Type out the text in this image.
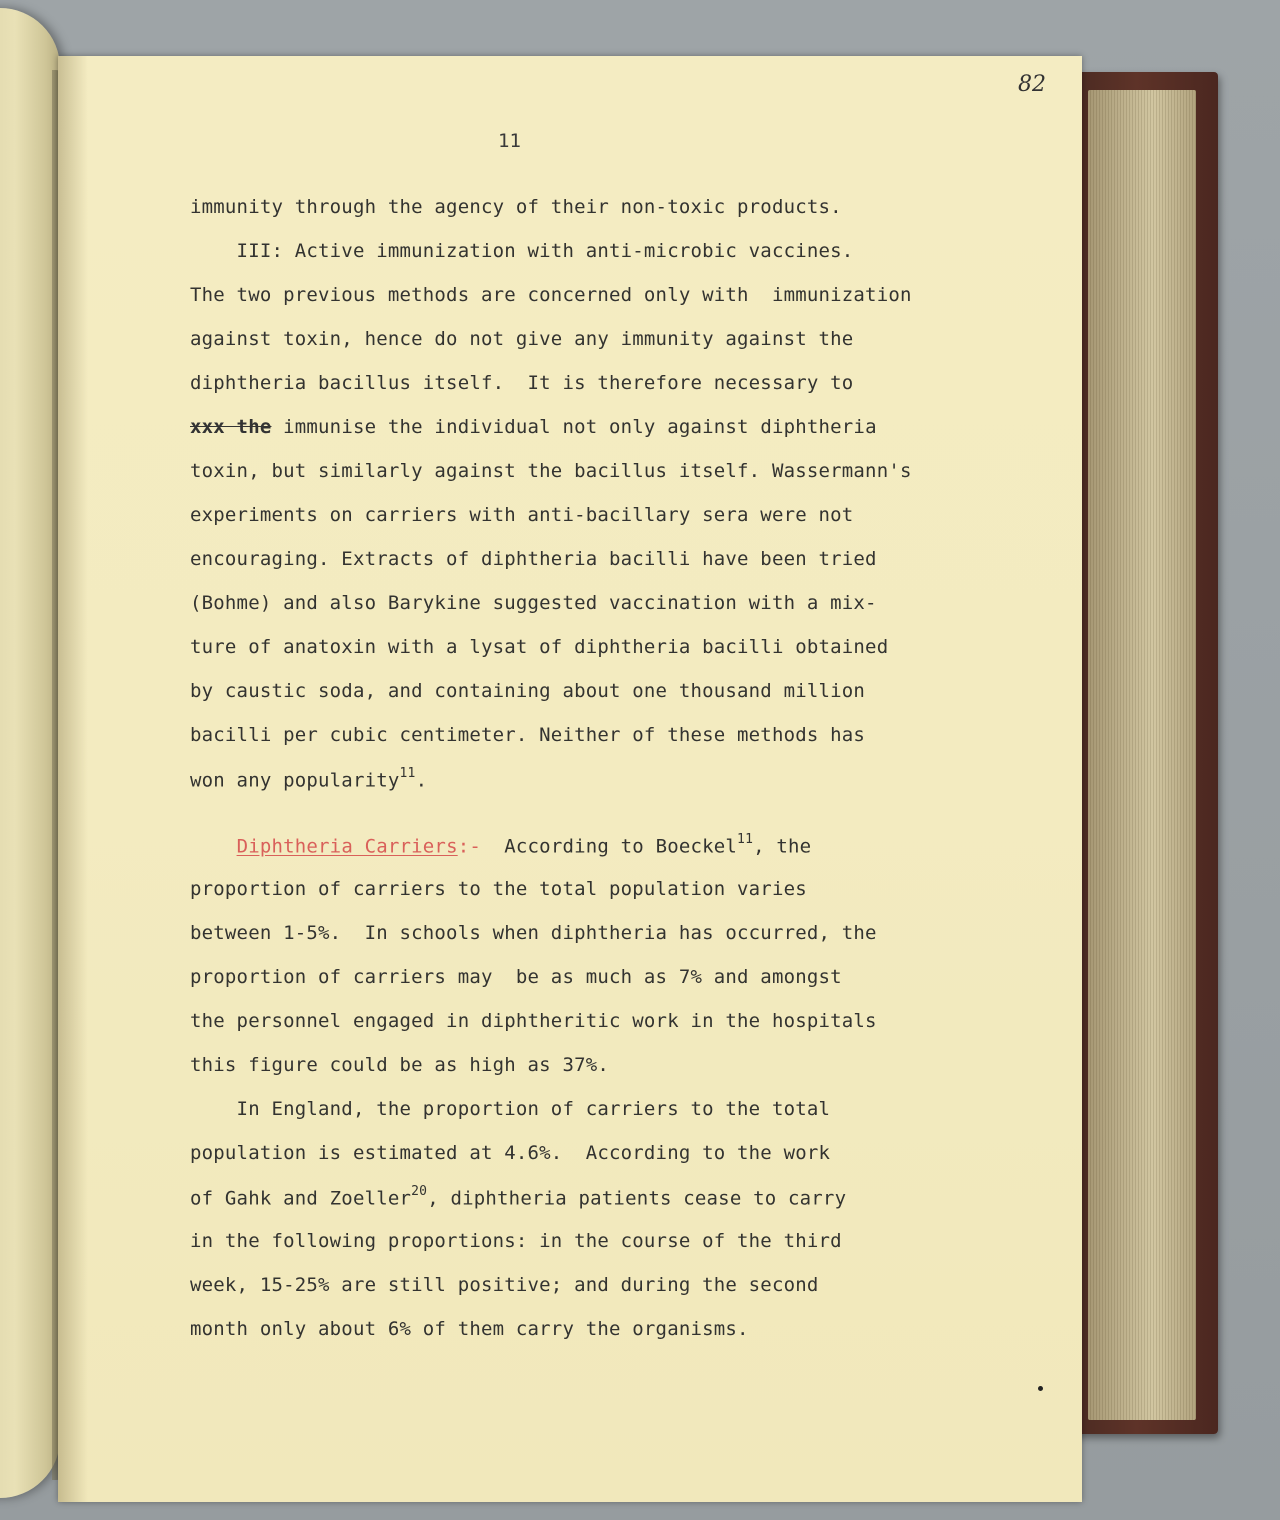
82
11
immunity through the agency of their non-toxic products.
III: Active immunization with anti-microbic vaccines.
The two previous methods are concerned only with  immunization
against toxin, hence do not give any immunity against the
diphtheria bacillus itself.  It is therefore necessary to
xxx the immunise the individual not only against diphtheria
toxin, but similarly against the bacillus itself. Wassermann's
experiments on carriers with anti-bacillary sera were not
encouraging. Extracts of diphtheria bacilli have been tried
(Bohme) and also Barykine suggested vaccination with a mix-
ture of anatoxin with a lysat of diphtheria bacilli obtained
by caustic soda, and containing about one thousand million
bacilli per cubic centimeter. Neither of these methods has
won any popularity$^{11}$.
Diphtheria Carriers:-  According to Boeckel$^{11}$, the
proportion of carriers to the total population varies
between 1-5%.  In schools when diphtheria has occurred, the
proportion of carriers may  be as much as 7% and amongst
the personnel engaged in diphtheritic work in the hospitals
this figure could be as high as 37%.
In England, the proportion of carriers to the total
population is estimated at 4.6%.  According to the work
of Gahk and Zoeller$^{20}$, diphtheria patients cease to carry
in the following proportions: in the course of the third
week, 15-25% are still positive; and during the second
month only about 6% of them carry the organisms.
